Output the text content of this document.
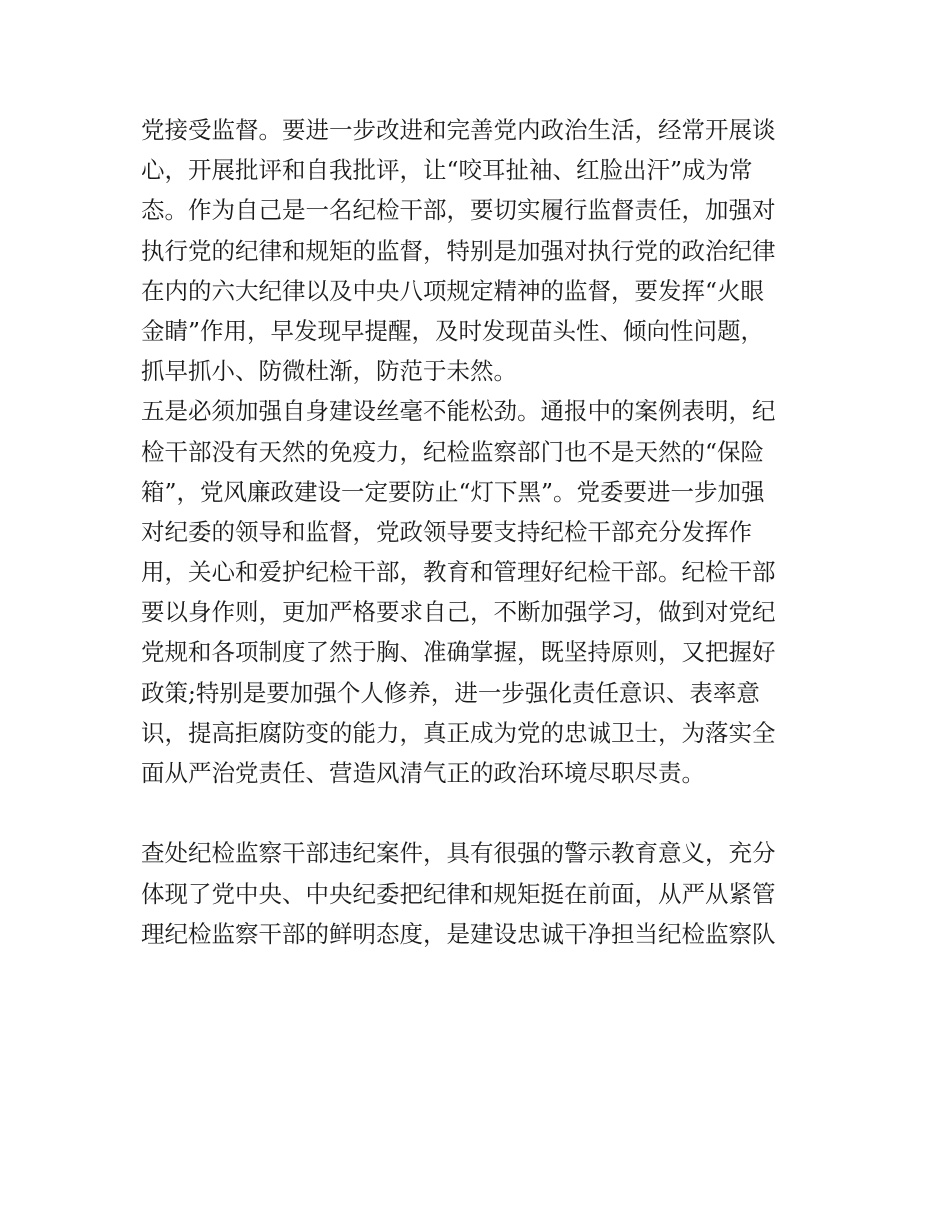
党接受监督。要进一步改进和完善党内政治生活，经常开展谈
心，开展批评和自我批评，让“咬耳扯袖、红脸出汗”成为常
态。作为自己是一名纪检干部，要切实履行监督责任，加强对
执行党的纪律和规矩的监督，特别是加强对执行党的政治纪律
在内的六大纪律以及中央八项规定精神的监督，要发挥“火眼
金睛”作用，早发现早提醒，及时发现苗头性、倾向性问题，
抓早抓小、防微杜渐，防范于未然。
五是必须加强自身建设丝毫不能松劲。通报中的案例表明，纪
检干部没有天然的免疫力，纪检监察部门也不是天然的“保险
箱”，党风廉政建设一定要防止“灯下黑”。党委要进一步加强
对纪委的领导和监督，党政领导要支持纪检干部充分发挥作
用，关心和爱护纪检干部，教育和管理好纪检干部。纪检干部
要以身作则，更加严格要求自己，不断加强学习，做到对党纪
党规和各项制度了然于胸、准确掌握，既坚持原则，又把握好
政策;特别是要加强个人修养，进一步强化责任意识、表率意
识，提高拒腐防变的能力，真正成为党的忠诚卫士，为落实全
面从严治党责任、营造风清气正的政治环境尽职尽责。
查处纪检监察干部违纪案件，具有很强的警示教育意义，充分
体现了党中央、中央纪委把纪律和规矩挺在前面，从严从紧管
理纪检监察干部的鲜明态度，是建设忠诚干净担当纪检监察队
